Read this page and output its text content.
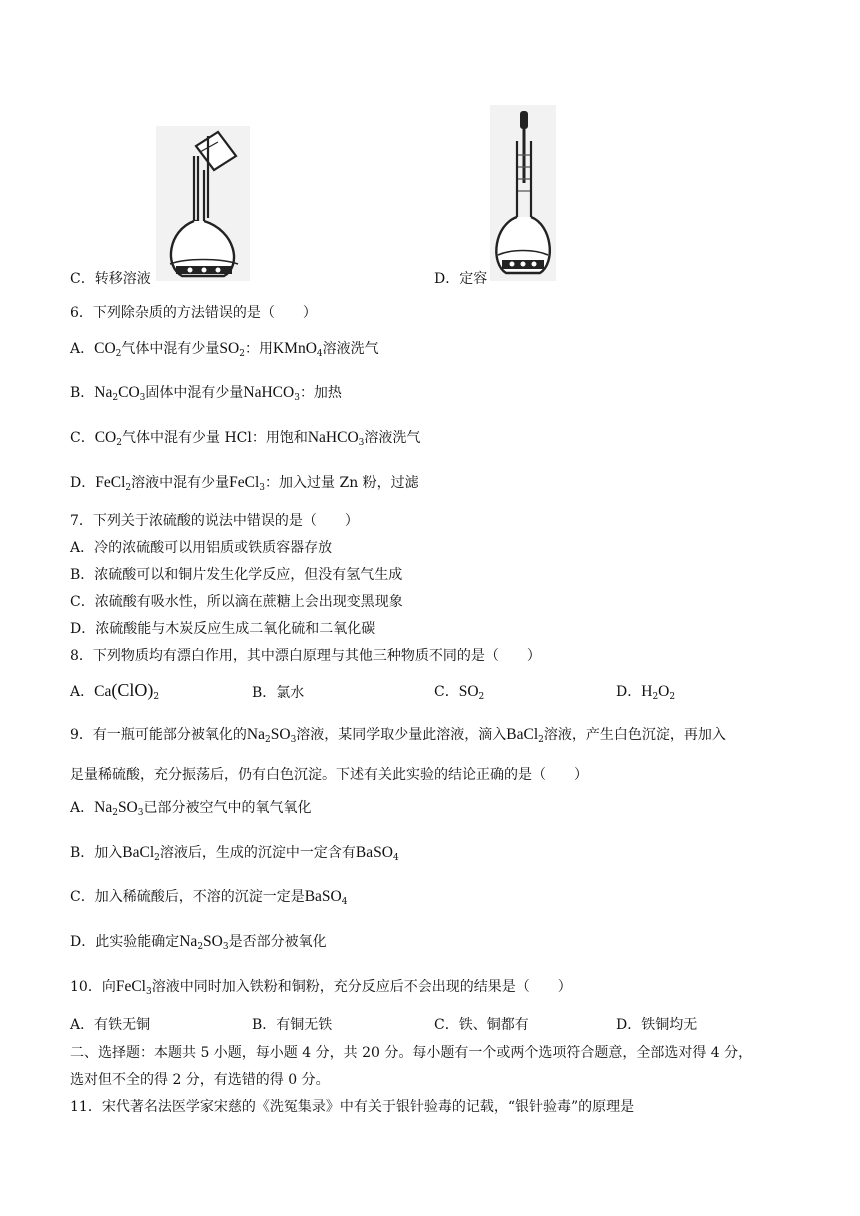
C．转移溶液	D．定容
6．下列除杂质的方法错误的是（　　）
A．$CO_2$气体中混有少量$SO_2$：用KMnO$_4$溶液洗气
B．$Na_2CO_3$固体中混有少量NaHCO$_3$：加热
C．$CO_2$气体中混有少量 HCl：用饱和NaHCO$_3$溶液洗气
D．FeCl$_2$溶液中混有少量FeCl$_3$：加入过量 Zn 粉，过滤
7．下列关于浓硫酸的说法中错误的是（　　）
A．冷的浓硫酸可以用铝质或铁质容器存放
B．浓硫酸可以和铜片发生化学反应，但没有氢气生成
C．浓硫酸有吸水性，所以滴在蔗糖上会出现变黑现象
D．浓硫酸能与木炭反应生成二氧化硫和二氧化碳
8．下列物质均有漂白作用，其中漂白原理与其他三种物质不同的是（　　）
A．$Ca(ClO)_2$	B．氯水	C．$SO_2$	D．$H_2O_2$
9．有一瓶可能部分被氧化的$Na_2SO_3$溶液，某同学取少量此溶液，滴入BaCl$_2$溶液，产生白色沉淀，再加入
足量稀硫酸，充分振荡后，仍有白色沉淀。下述有关此实验的结论正确的是（　　）
A．$Na_2SO_3$已部分被空气中的氧气氧化
B．加入BaCl$_2$溶液后，生成的沉淀中一定含有BaSO$_4$
C．加入稀硫酸后，不溶的沉淀一定是BaSO$_4$
D．此实验能确定$Na_2SO_3$是否部分被氧化
10．向FeCl$_3$溶液中同时加入铁粉和铜粉，充分反应后不会出现的结果是（　　）
A．有铁无铜	B．有铜无铁	C．铁、铜都有	D．铁铜均无
二、选择题：本题共 5 小题，每小题 4 分，共 20 分。每小题有一个或两个选项符合题意，全部选对得 4 分，
选对但不全的得 2 分，有选错的得 0 分。
11．宋代著名法医学家宋慈的《洗冤集录》中有关于银针验毒的记载，“银针验毒”的原理是
